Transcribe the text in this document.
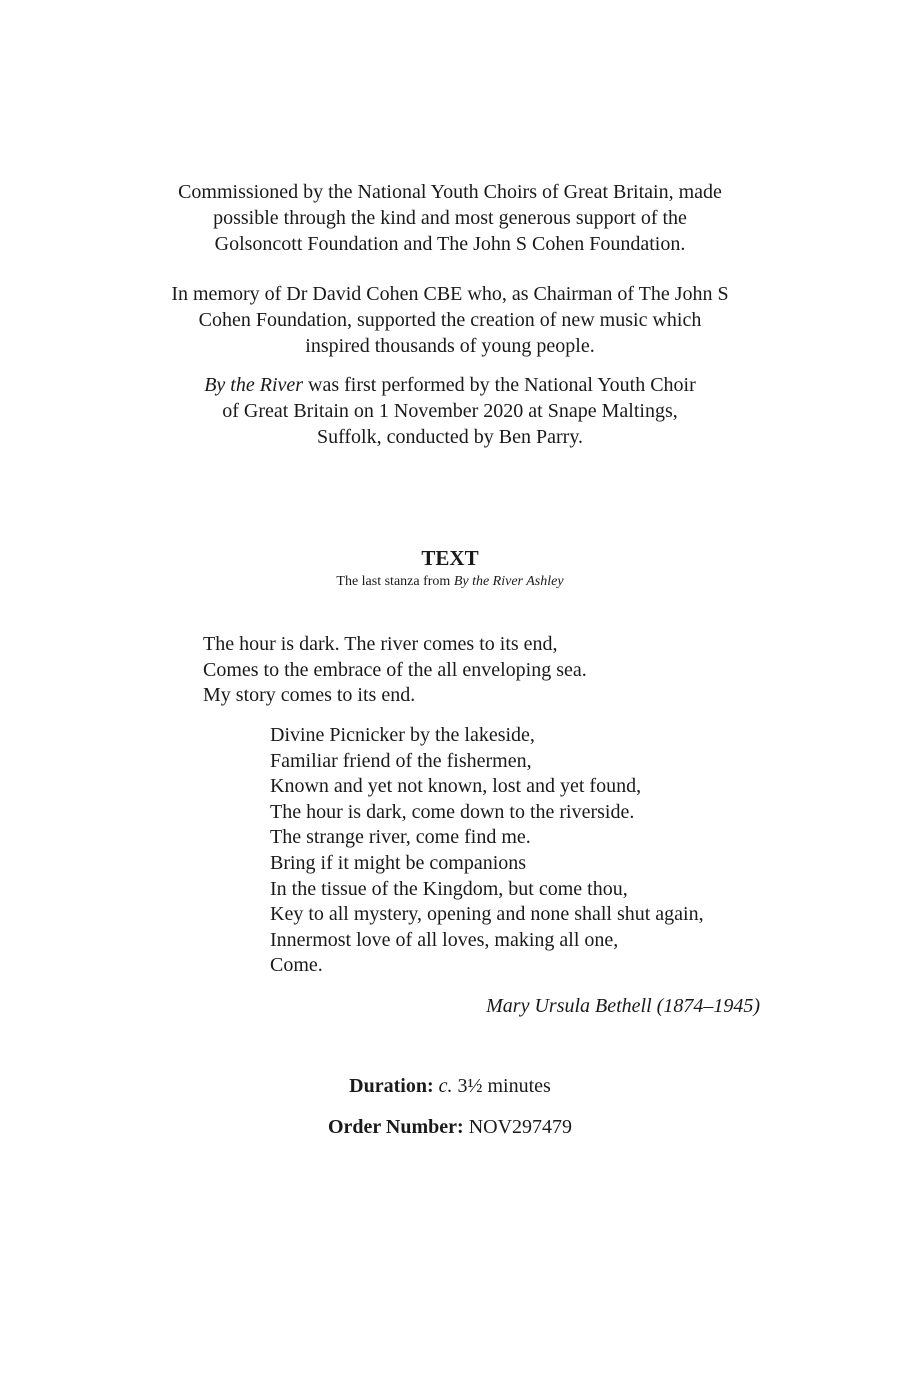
Commissioned by the National Youth Choirs of Great Britain, made
possible through the kind and most generous support of the
Golsoncott Foundation and The John S Cohen Foundation.
In memory of Dr David Cohen CBE who, as Chairman of The John S
Cohen Foundation, supported the creation of new music which
inspired thousands of young people.
By the River was first performed by the National Youth Choir
of Great Britain on 1 November 2020 at Snape Maltings,
Suffolk, conducted by Ben Parry.
TEXT
The last stanza from By the River Ashley
The hour is dark. The river comes to its end,
Comes to the embrace of the all enveloping sea.
My story comes to its end.
Divine Picnicker by the lakeside,
Familiar friend of the fishermen,
Known and yet not known, lost and yet found,
The hour is dark, come down to the riverside.
The strange river, come find me.
Bring if it might be companions
In the tissue of the Kingdom, but come thou,
Key to all mystery, opening and none shall shut again,
Innermost love of all loves, making all one,
Come.
Mary Ursula Bethell (1874–1945)
Duration: c. 3½ minutes
Order Number: NOV297479
